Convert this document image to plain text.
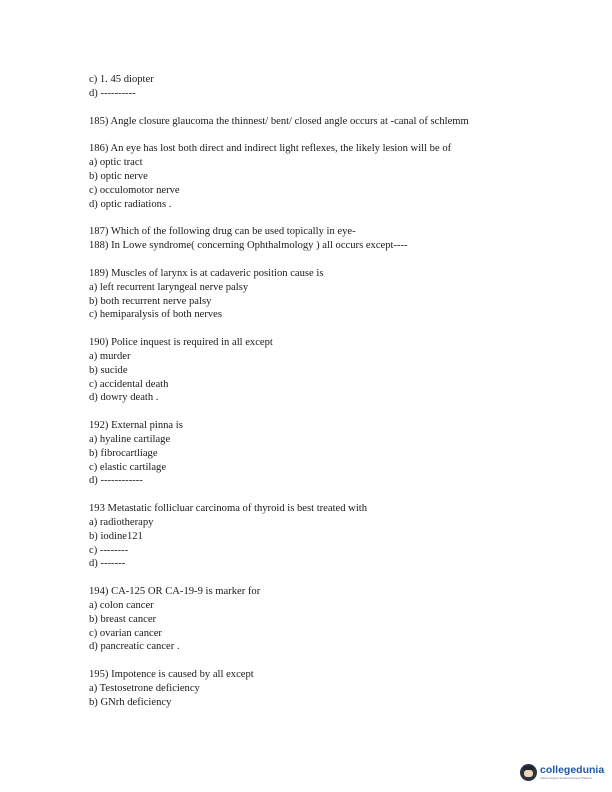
c) 1. 45 diopter
d) ----------
185) Angle closure glaucoma the thinnest/ bent/ closed angle occurs at -canal of schlemm
186) An eye has lost both direct and indirect light reflexes, the likely lesion will be of
a) optic tract
b) optic nerve
c) occulomotor nerve
d) optic radiations .
187) Which of the following drug can be used topically in eye-
188) In Lowe syndrome( concerning Ophthalmology ) all occurs except----
189) Muscles of larynx is at cadaveric position cause is
a) left recurrent laryngeal nerve palsy
b) both recurrent nerve palsy
c) hemiparalysis of both nerves
190) Police inquest is required in all except
a) murder
b) sucide
c) accidental death
d) dowry death .
192) External pinna is
a) hyaline cartilage
b) fibrocartliage
c) elastic cartilage
d) ------------
193 Metastatic follicluar carcinoma of thyroid is best treated with
a) radiotherapy
b) iodine121
c) --------
d) -------
194) CA-125 OR CA-19-9 is marker for
a) colon cancer
b) breast cancer
c) ovarian cancer
d) pancreatic cancer .
195) Impotence is caused by all except
a) Testosetrone deficiency
b) GNrh deficiency
collegedunia
India's largest Student Review Platform
